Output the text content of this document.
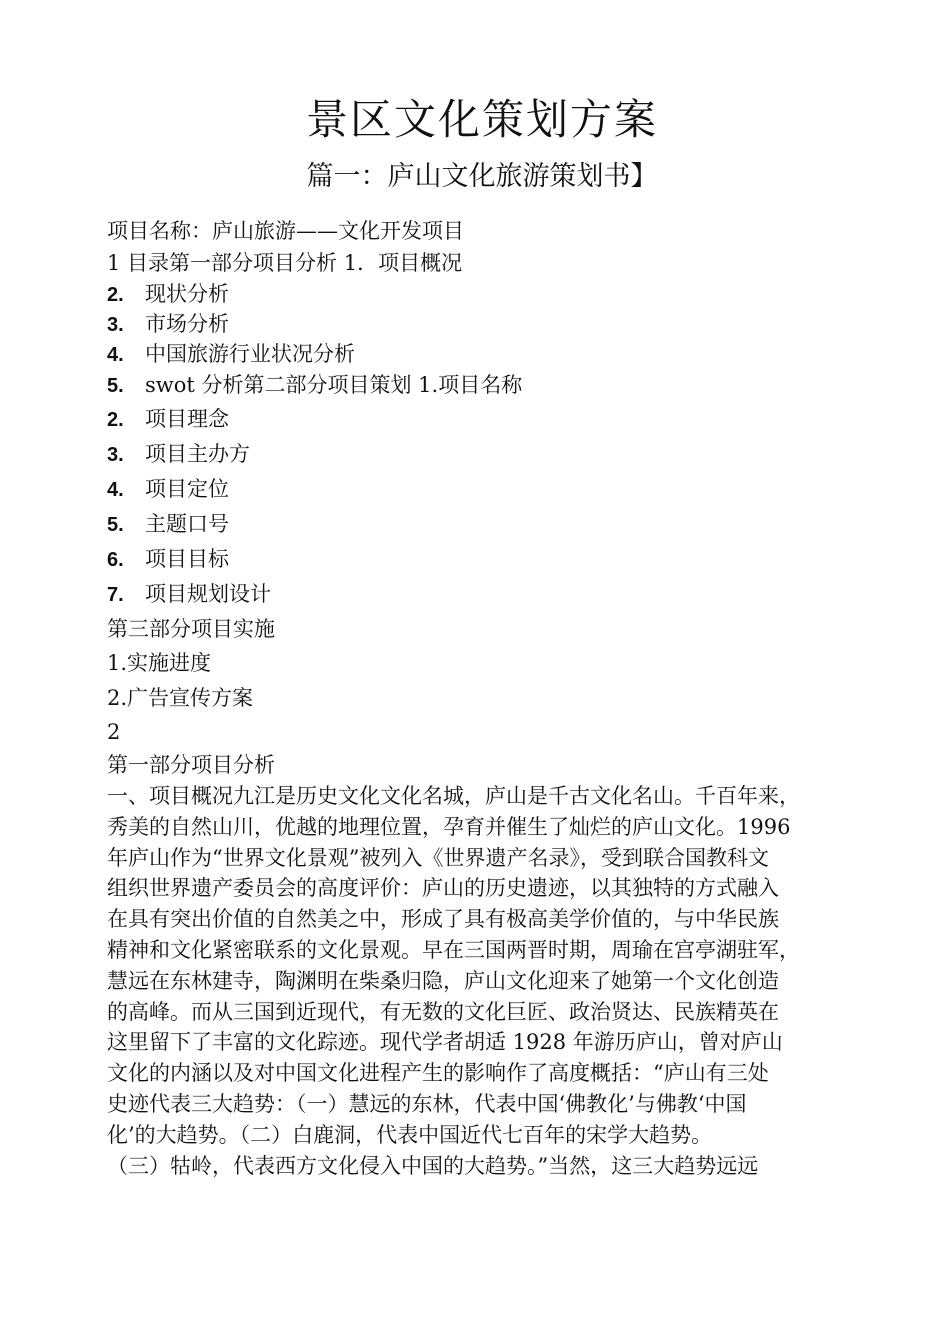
景区文化策划方案
篇一：庐山文化旅游策划书】
项目名称：庐山旅游——文化开发项目
1 目录第一部分项目分析 1．项目概况
2. 现状分析
3. 市场分析
4. 中国旅游行业状况分析
5. swot 分析第二部分项目策划 1.项目名称
2. 项目理念
3. 项目主办方
4. 项目定位
5. 主题口号
6. 项目目标
7. 项目规划设计
第三部分项目实施
1.实施进度
2.广告宣传方案
2
第一部分项目分析
一、项目概况九江是历史文化文化名城，庐山是千古文化名山。千百年来，
秀美的自然山川，优越的地理位置，孕育并催生了灿烂的庐山文化。1996
年庐山作为“世界文化景观”被列入《世界遗产名录》，受到联合国教科文
组织世界遗产委员会的高度评价：庐山的历史遗迹，以其独特的方式融入
在具有突出价值的自然美之中，形成了具有极高美学价值的，与中华民族
精神和文化紧密联系的文化景观。早在三国两晋时期，周瑜在宫亭湖驻军，
慧远在东林建寺，陶渊明在柴桑归隐，庐山文化迎来了她第一个文化创造
的高峰。而从三国到近现代，有无数的文化巨匠、政治贤达、民族精英在
这里留下了丰富的文化踪迹。现代学者胡适 1928 年游历庐山，曾对庐山
文化的内涵以及对中国文化进程产生的影响作了高度概括：“庐山有三处
史迹代表三大趋势：（一）慧远的东林，代表中国‘佛教化’与佛教‘中国
化’的大趋势。（二）白鹿洞，代表中国近代七百年的宋学大趋势。
（三）牯岭，代表西方文化侵入中国的大趋势。”当然，这三大趋势远远
